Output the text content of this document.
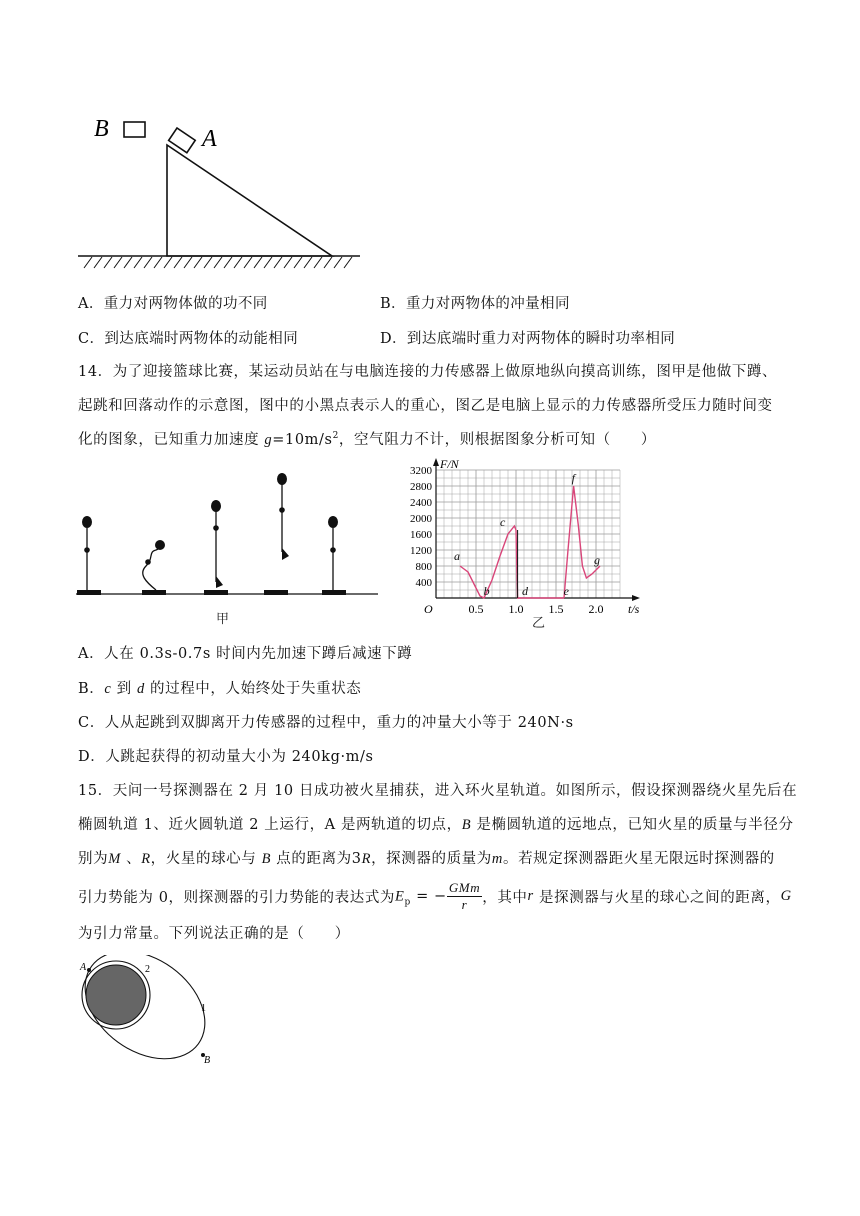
B	A
A．重力对两物体做的功不同	B．重力对两物体的冲量相同
C．到达底端时两物体的动能相同	D．到达底端时重力对两物体的瞬时功率相同
14．为了迎接篮球比赛，某运动员站在与电脑连接的力传感器上做原地纵向摸高训练，图甲是他做下蹲、
起跳和回落动作的示意图，图中的小黑点表示人的重心，图乙是电脑上显示的力传感器所受压力随时间变
化的图象，已知重力加速度 $g=10m/s^2$，空气阻力不计，则根据图象分析可知（　　）
甲
400
800
1200
1600
2000
2400
2800
3200
O	0.5 1.0 1.5 2.0
a
b
c
d	e
f
g
F/N
t/s
乙
A．人在 0.3s-0.7s 时间内先加速下蹲后减速下蹲
B．c 到 d 的过程中，人始终处于失重状态
C．人从起跳到双脚离开力传感器的过程中，重力的冲量大小等于 240N·s
D．人跳起获得的初动量大小为 240kg·m/s
15．天问一号探测器在 2 月 10 日成功被火星捕获，进入环火星轨道。如图所示，假设探测器绕火星先后在
椭圆轨道 1、近火圆轨道 2 上运行，A 是两轨道的切点，B 是椭圆轨道的远地点，已知火星的质量与半径分
别为M 、R，火星的球心与 B 点的距离为3R，探测器的质量为m。若规定探测器距火星无限远时探测器的
引力势能为 0，则探测器的引力势能的表达式为$E_p$ = −
GMm
r	，其中r 是探测器与火星的球心之间的距离，G
为引力常量。下列说法正确的是（　　）
A	2
1
B
